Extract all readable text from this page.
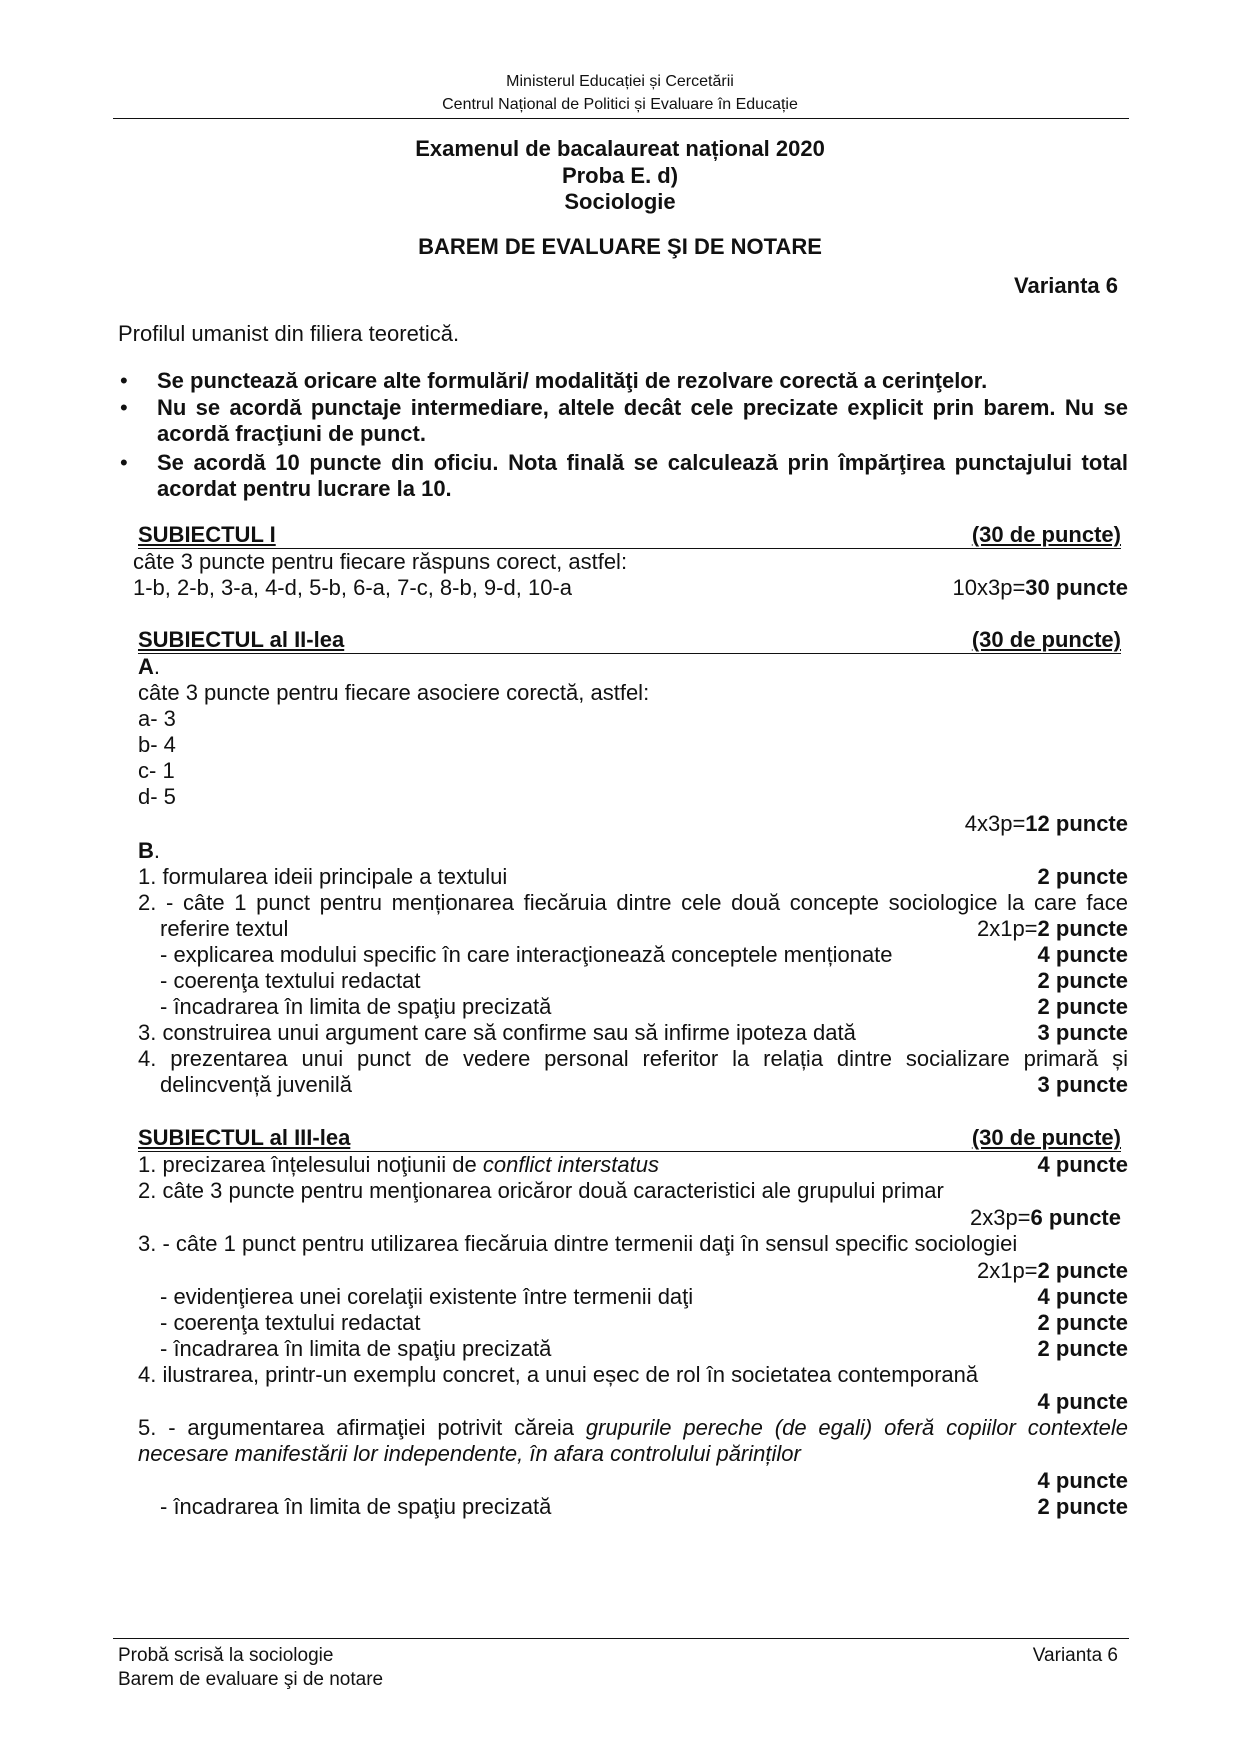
Ministerul Educației și Cercetării
Centrul Național de Politici și Evaluare în Educație
Examenul de bacalaureat național 2020
Proba E. d)
Sociologie
BAREM DE EVALUARE ŞI DE NOTARE
Varianta 6
Profilul umanist din filiera teoretică.
• Se punctează oricare alte formulări/ modalităţi de rezolvare corectă a cerinţelor.
• Nu se acordă punctaje intermediare, altele decât cele precizate explicit prin barem. Nu se
acordă fracţiuni de punct.
• Se acordă 10 puncte din oficiu. Nota finală se calculează prin împărţirea punctajului total
acordat pentru lucrare la 10.
SUBIECTUL I	(30 de puncte)
câte 3 puncte pentru fiecare răspuns corect, astfel:
1-b, 2-b, 3-a, 4-d, 5-b, 6-a, 7-c, 8-b, 9-d, 10-a	10x3p=30 puncte
SUBIECTUL al II-lea	(30 de puncte)
A.
câte 3 puncte pentru fiecare asociere corectă, astfel:
a- 3
b- 4
c- 1
d- 5
4x3p=12 puncte
B.
1. formularea ideii principale a textului	2 puncte
2. - câte 1 punct pentru menționarea fiecăruia dintre cele două concepte sociologice la care face
referire textul	2x1p=2 puncte
- explicarea modului specific în care interacţionează conceptele menționate	4 puncte
- coerenţa textului redactat	2 puncte
- încadrarea în limita de spaţiu precizată	2 puncte
3. construirea unui argument care să confirme sau să infirme ipoteza dată	3 puncte
4. prezentarea unui punct de vedere personal referitor la relația dintre socializare primară și
delincvență juvenilă	3 puncte
SUBIECTUL al III-lea	(30 de puncte)
1. precizarea înțelesului noţiunii de conflict interstatus	4 puncte
2. câte 3 puncte pentru menţionarea oricăror două caracteristici ale grupului primar
2x3p=6 puncte
3. - câte 1 punct pentru utilizarea fiecăruia dintre termenii daţi în sensul specific sociologiei
2x1p=2 puncte
- evidenţierea unei corelaţii existente între termenii daţi	4 puncte
- coerenţa textului redactat	2 puncte
- încadrarea în limita de spaţiu precizată	2 puncte
4. ilustrarea, printr-un exemplu concret, a unui eșec de rol în societatea contemporană
4 puncte
5. - argumentarea afirmaţiei potrivit căreia grupurile pereche (de egali) oferă copiilor contextele
necesare manifestării lor independente, în afara controlului părinților
4 puncte
- încadrarea în limita de spaţiu precizată	2 puncte
Probă scrisă la sociologie
Barem de evaluare şi de notare
Varianta 6
